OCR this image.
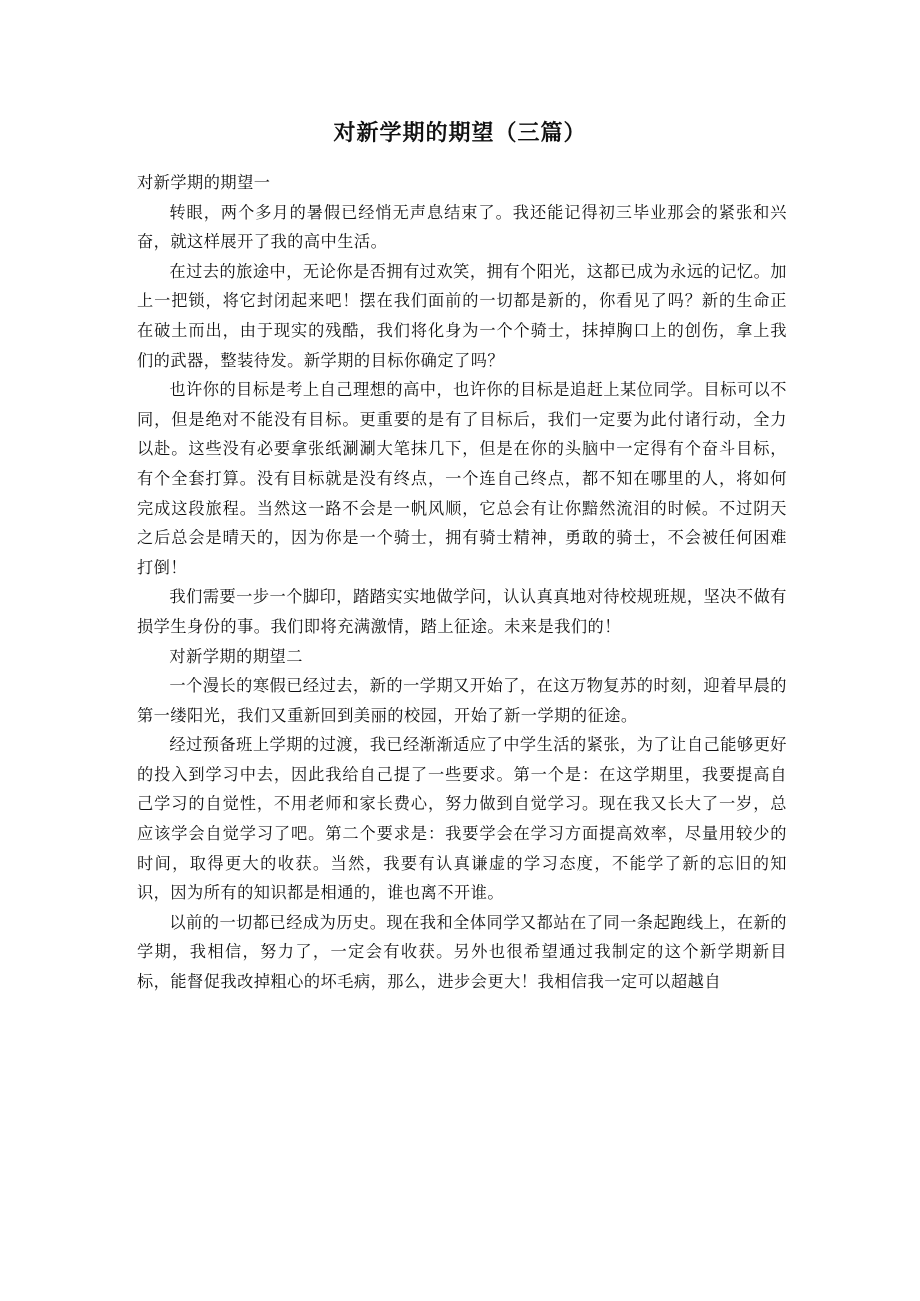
对新学期的期望（三篇）

对新学期的期望一

转眼，两个多月的暑假已经悄无声息结束了。我还能记得初三毕业那会的紧张和兴奋，就这样展开了我的高中生活。

在过去的旅途中，无论你是否拥有过欢笑，拥有个阳光，这都已成为永远的记忆。加上一把锁，将它封闭起来吧！摆在我们面前的一切都是新的，你看见了吗？新的生命正在破土而出，由于现实的残酷，我们将化身为一个个骑士，抹掉胸口上的创伤，拿上我们的武器，整装待发。新学期的目标你确定了吗？

也许你的目标是考上自己理想的高中，也许你的目标是追赶上某位同学。目标可以不同，但是绝对不能没有目标。更重要的是有了目标后，我们一定要为此付诸行动，全力以赴。这些没有必要拿张纸涮涮大笔抹几下，但是在你的头脑中一定得有个奋斗目标，有个全套打算。没有目标就是没有终点，一个连自己终点，都不知在哪里的人，将如何完成这段旅程。当然这一路不会是一帆风顺，它总会有让你黯然流泪的时候。不过阴天之后总会是晴天的，因为你是一个骑士，拥有骑士精神，勇敢的骑士，不会被任何困难打倒！

我们需要一步一个脚印，踏踏实实地做学问，认认真真地对待校规班规，坚决不做有损学生身份的事。我们即将充满激情，踏上征途。未来是我们的！

对新学期的期望二

一个漫长的寒假已经过去，新的一学期又开始了，在这万物复苏的时刻，迎着早晨的第一缕阳光，我们又重新回到美丽的校园，开始了新一学期的征途。

经过预备班上学期的过渡，我已经渐渐适应了中学生活的紧张，为了让自己能够更好的投入到学习中去，因此我给自己提了一些要求。第一个是：在这学期里，我要提高自己学习的自觉性，不用老师和家长费心，努力做到自觉学习。现在我又长大了一岁，总应该学会自觉学习了吧。第二个要求是：我要学会在学习方面提高效率，尽量用较少的时间，取得更大的收获。当然，我要有认真谦虚的学习态度，不能学了新的忘旧的知识，因为所有的知识都是相通的，谁也离不开谁。

以前的一切都已经成为历史。现在我和全体同学又都站在了同一条起跑线上，在新的学期，我相信，努力了，一定会有收获。另外也很希望通过我制定的这个新学期新目标，能督促我改掉粗心的坏毛病，那么，进步会更大！我相信我一定可以超越自
